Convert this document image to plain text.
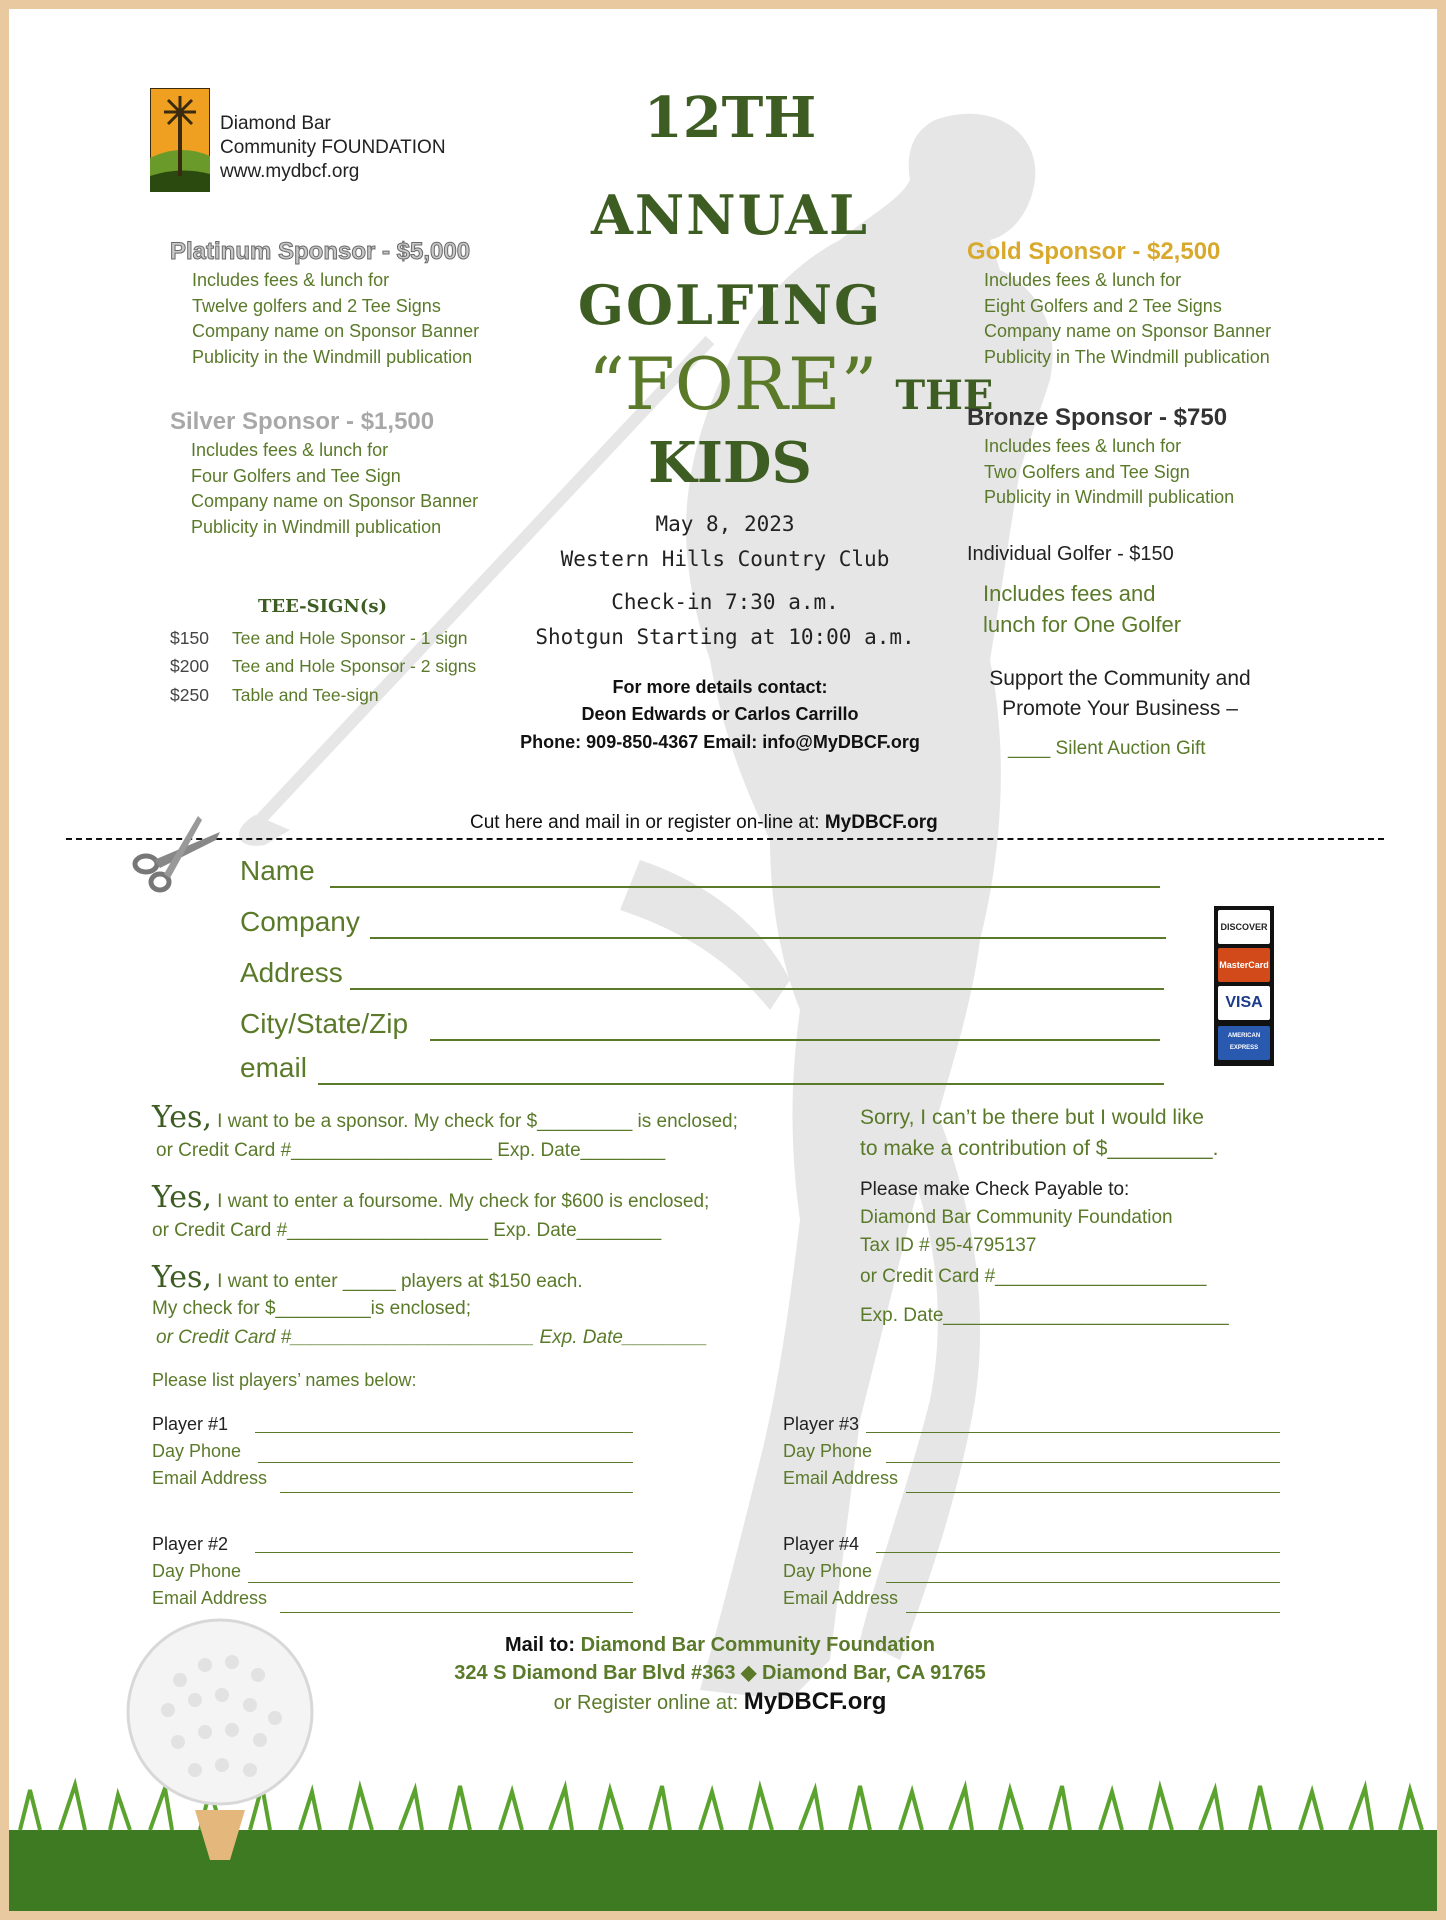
Diamond Bar
Community FOUNDATION
www.mydbcf.org
Platinum Sponsor - $5,000
Includes fees & lunch for
Twelve golfers and 2 Tee Signs
Company name on Sponsor Banner
Publicity in the Windmill publication
Silver Sponsor - $1,500
Includes fees & lunch for
Four Golfers and Tee Sign
Company name on Sponsor Banner
Publicity in Windmill publication
TEE-SIGN(s)
$150 Tee and Hole Sponsor - 1 sign
$200 Tee and Hole Sponsor - 2 signs
$250 Table and Tee-sign
12TH
ANNUAL
GOLFING
“FORE” THE
KIDS
May 8, 2023
Western Hills Country Club
Check-in 7:30 a.m.
Shotgun Starting at 10:00 a.m.
For more details contact:
Deon Edwards or Carlos Carrillo
Phone: 909-850-4367 Email: info@MyDBCF.org
Gold Sponsor - $2,500
Includes fees & lunch for
Eight Golfers and 2 Tee Signs
Company name on Sponsor Banner
Publicity in The Windmill publication
Bronze Sponsor - $750
Includes fees & lunch for
Two Golfers and Tee Sign
Publicity in Windmill publication
Individual Golfer - $150
Includes fees and
lunch for One Golfer
Support the Community and
Promote Your Business –
____ Silent Auction Gift
Cut here and mail in or register on-line at: MyDBCF.org
Name
Company
Address
City/State/Zip
email
DISCOVER
MasterCard
VISA
AMERICAN EXPRESS
Yes, I want to be a sponsor. My check for $_________ is enclosed;
or Credit Card #___________________ Exp. Date________
Yes, I want to enter a foursome. My check for $600 is enclosed;
or Credit Card #___________________ Exp. Date________
Yes, I want to enter _____ players at $150 each.
My check for $_________is enclosed;
or Credit Card #_______________________ Exp. Date________
Sorry, I can’t be there but I would like
to make a contribution of $_________.
Please make Check Payable to:
Diamond Bar Community Foundation
Tax ID # 95-4795137
or Credit Card #____________________
Exp. Date___________________________
Please list players’ names below:
Player #1
Day Phone
Email Address
Player #2
Day Phone
Email Address
Player #3
Day Phone
Email Address
Player #4
Day Phone
Email Address
Mail to: Diamond Bar Community Foundation
324 S Diamond Bar Blvd #363 ◆ Diamond Bar, CA 91765
or Register online at: MyDBCF.org
